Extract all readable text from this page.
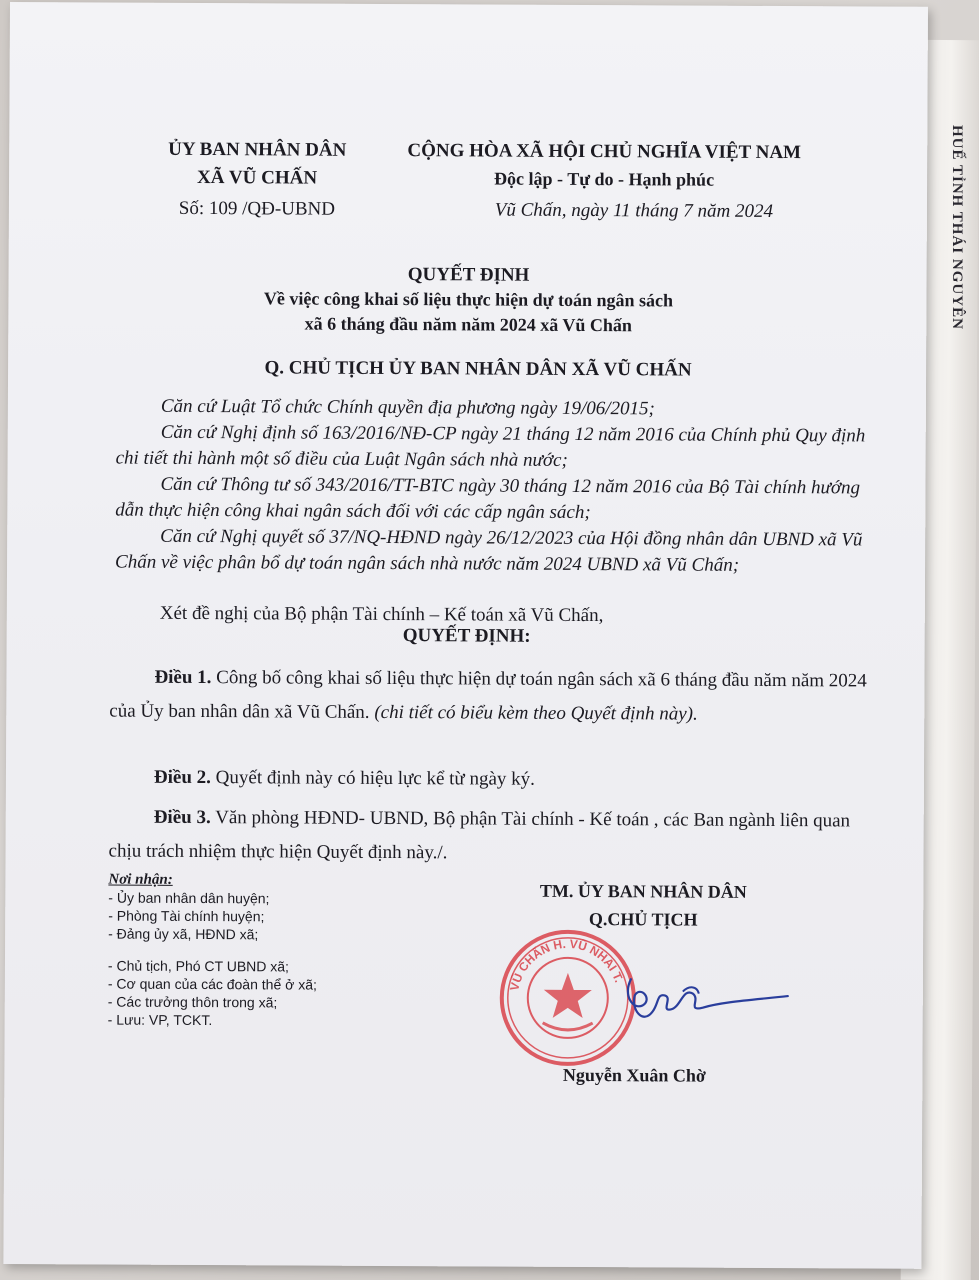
HUẾ TỈNH THÁI NGUYÊN
ỦY BAN NHÂN DÂN
XÃ VŨ CHẤN
Số: 109 /QĐ-UBND
CỘNG HÒA XÃ HỘI CHỦ NGHĨA VIỆT NAM
Độc lập - Tự do - Hạnh phúc
Vũ Chấn, ngày 11 tháng 7 năm 2024
QUYẾT ĐỊNH
Về việc công khai số liệu thực hiện dự toán ngân sách
xã 6 tháng đầu năm năm 2024 xã Vũ Chấn
Q. CHỦ TỊCH ỦY BAN NHÂN DÂN XÃ VŨ CHẤN
Căn cứ Luật Tổ chức Chính quyền địa phương ngày 19/06/2015;
Căn cứ Nghị định số 163/2016/NĐ-CP ngày 21 tháng 12 năm 2016 của Chính phủ Quy định chi tiết thi hành một số điều của Luật Ngân sách nhà nước;
Căn cứ Thông tư số 343/2016/TT-BTC ngày 30 tháng 12 năm 2016 của Bộ Tài chính hướng dẫn thực hiện công khai ngân sách đối với các cấp ngân sách;
Căn cứ Nghị quyết số 37/NQ-HĐND ngày 26/12/2023 của Hội đồng nhân dân UBND xã Vũ Chấn về việc phân bổ dự toán ngân sách nhà nước năm 2024 UBND xã Vũ Chấn;
Xét đề nghị của Bộ phận Tài chính – Kế toán xã Vũ Chấn,
QUYẾT ĐỊNH:
Điều 1. Công bố công khai số liệu thực hiện dự toán ngân sách xã 6 tháng đầu năm năm 2024 của Ủy ban nhân dân xã Vũ Chấn. (chi tiết có biểu kèm theo Quyết định này).
Điều 2. Quyết định này có hiệu lực kể từ ngày ký.
Điều 3. Văn phòng HĐND- UBND, Bộ phận Tài chính - Kế toán , các Ban ngành liên quan chịu trách nhiệm thực hiện Quyết định này./.
Nơi nhận:
- Ủy ban nhân dân huyện;
- Phòng Tài chính huyện;
- Đảng ủy xã, HĐND xã;
- Chủ tịch, Phó CT UBND xã;
- Cơ quan của các đoàn thể ở xã;
- Các trưởng thôn trong xã;
- Lưu: VP, TCKT.
TM. ỦY BAN NHÂN DÂN
Q.CHỦ TỊCH
VŨ CHẤN H. VŨ NHAI T.
Nguyễn Xuân Chờ
